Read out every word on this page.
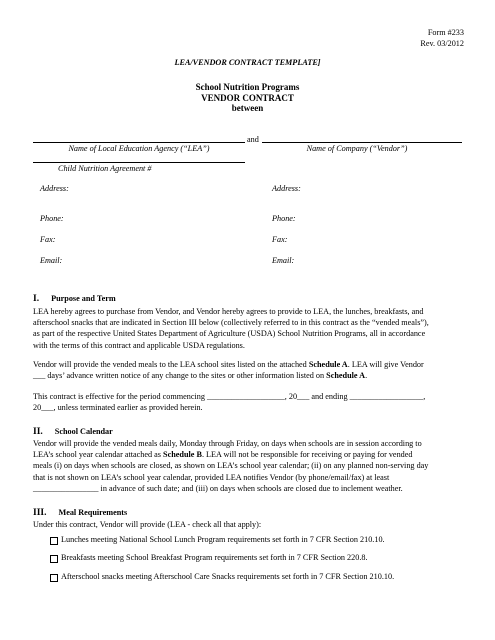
Form #233
Rev. 03/2012
LEA/VENDOR CONTRACT TEMPLATE]
School Nutrition Programs
VENDOR CONTRACT
between
and
Name of Local Education Agency (“LEA”)	Name of Company (“Vendor”)
Child Nutrition Agreement #
Address:
Phone:
Fax:
Email:
Address:
Phone:
Fax:
Email:
I. Purpose and Term
LEA hereby agrees to purchase from Vendor, and Vendor hereby agrees to provide to LEA, the lunches, breakfasts, and
afterschool snacks that are indicated in Section III below (collectively referred to in this contract as the “vended meals”),
as part of the respective United States Department of Agriculture (USDA) School Nutrition Programs, all in accordance
with the terms of this contract and applicable USDA regulations.
Vendor will provide the vended meals to the LEA school sites listed on the attached Schedule A. LEA will give Vendor
___ days’ advance written notice of any change to the sites or other information listed on Schedule A.
This contract is effective for the period commencing ___________________, 20___ and ending __________________,
20___, unless terminated earlier as provided herein.
II. School Calendar
Vendor will provide the vended meals daily, Monday through Friday, on days when schools are in session according to
LEA’s school year calendar attached as Schedule B. LEA will not be responsible for receiving or paying for vended
meals (i) on days when schools are closed, as shown on LEA’s school year calendar; (ii) on any planned non-serving day
that is not shown on LEA’s school year calendar, provided LEA notifies Vendor (by phone/email/fax) at least
________________ in advance of such date; and (iii) on days when schools are closed due to inclement weather.
III. Meal Requirements
Under this contract, Vendor will provide (LEA - check all that apply):
Lunches meeting National School Lunch Program requirements set forth in 7 CFR Section 210.10.
Breakfasts meeting School Breakfast Program requirements set forth in 7 CFR Section 220.8.
Afterschool snacks meeting Afterschool Care Snacks requirements set forth in 7 CFR Section 210.10.
